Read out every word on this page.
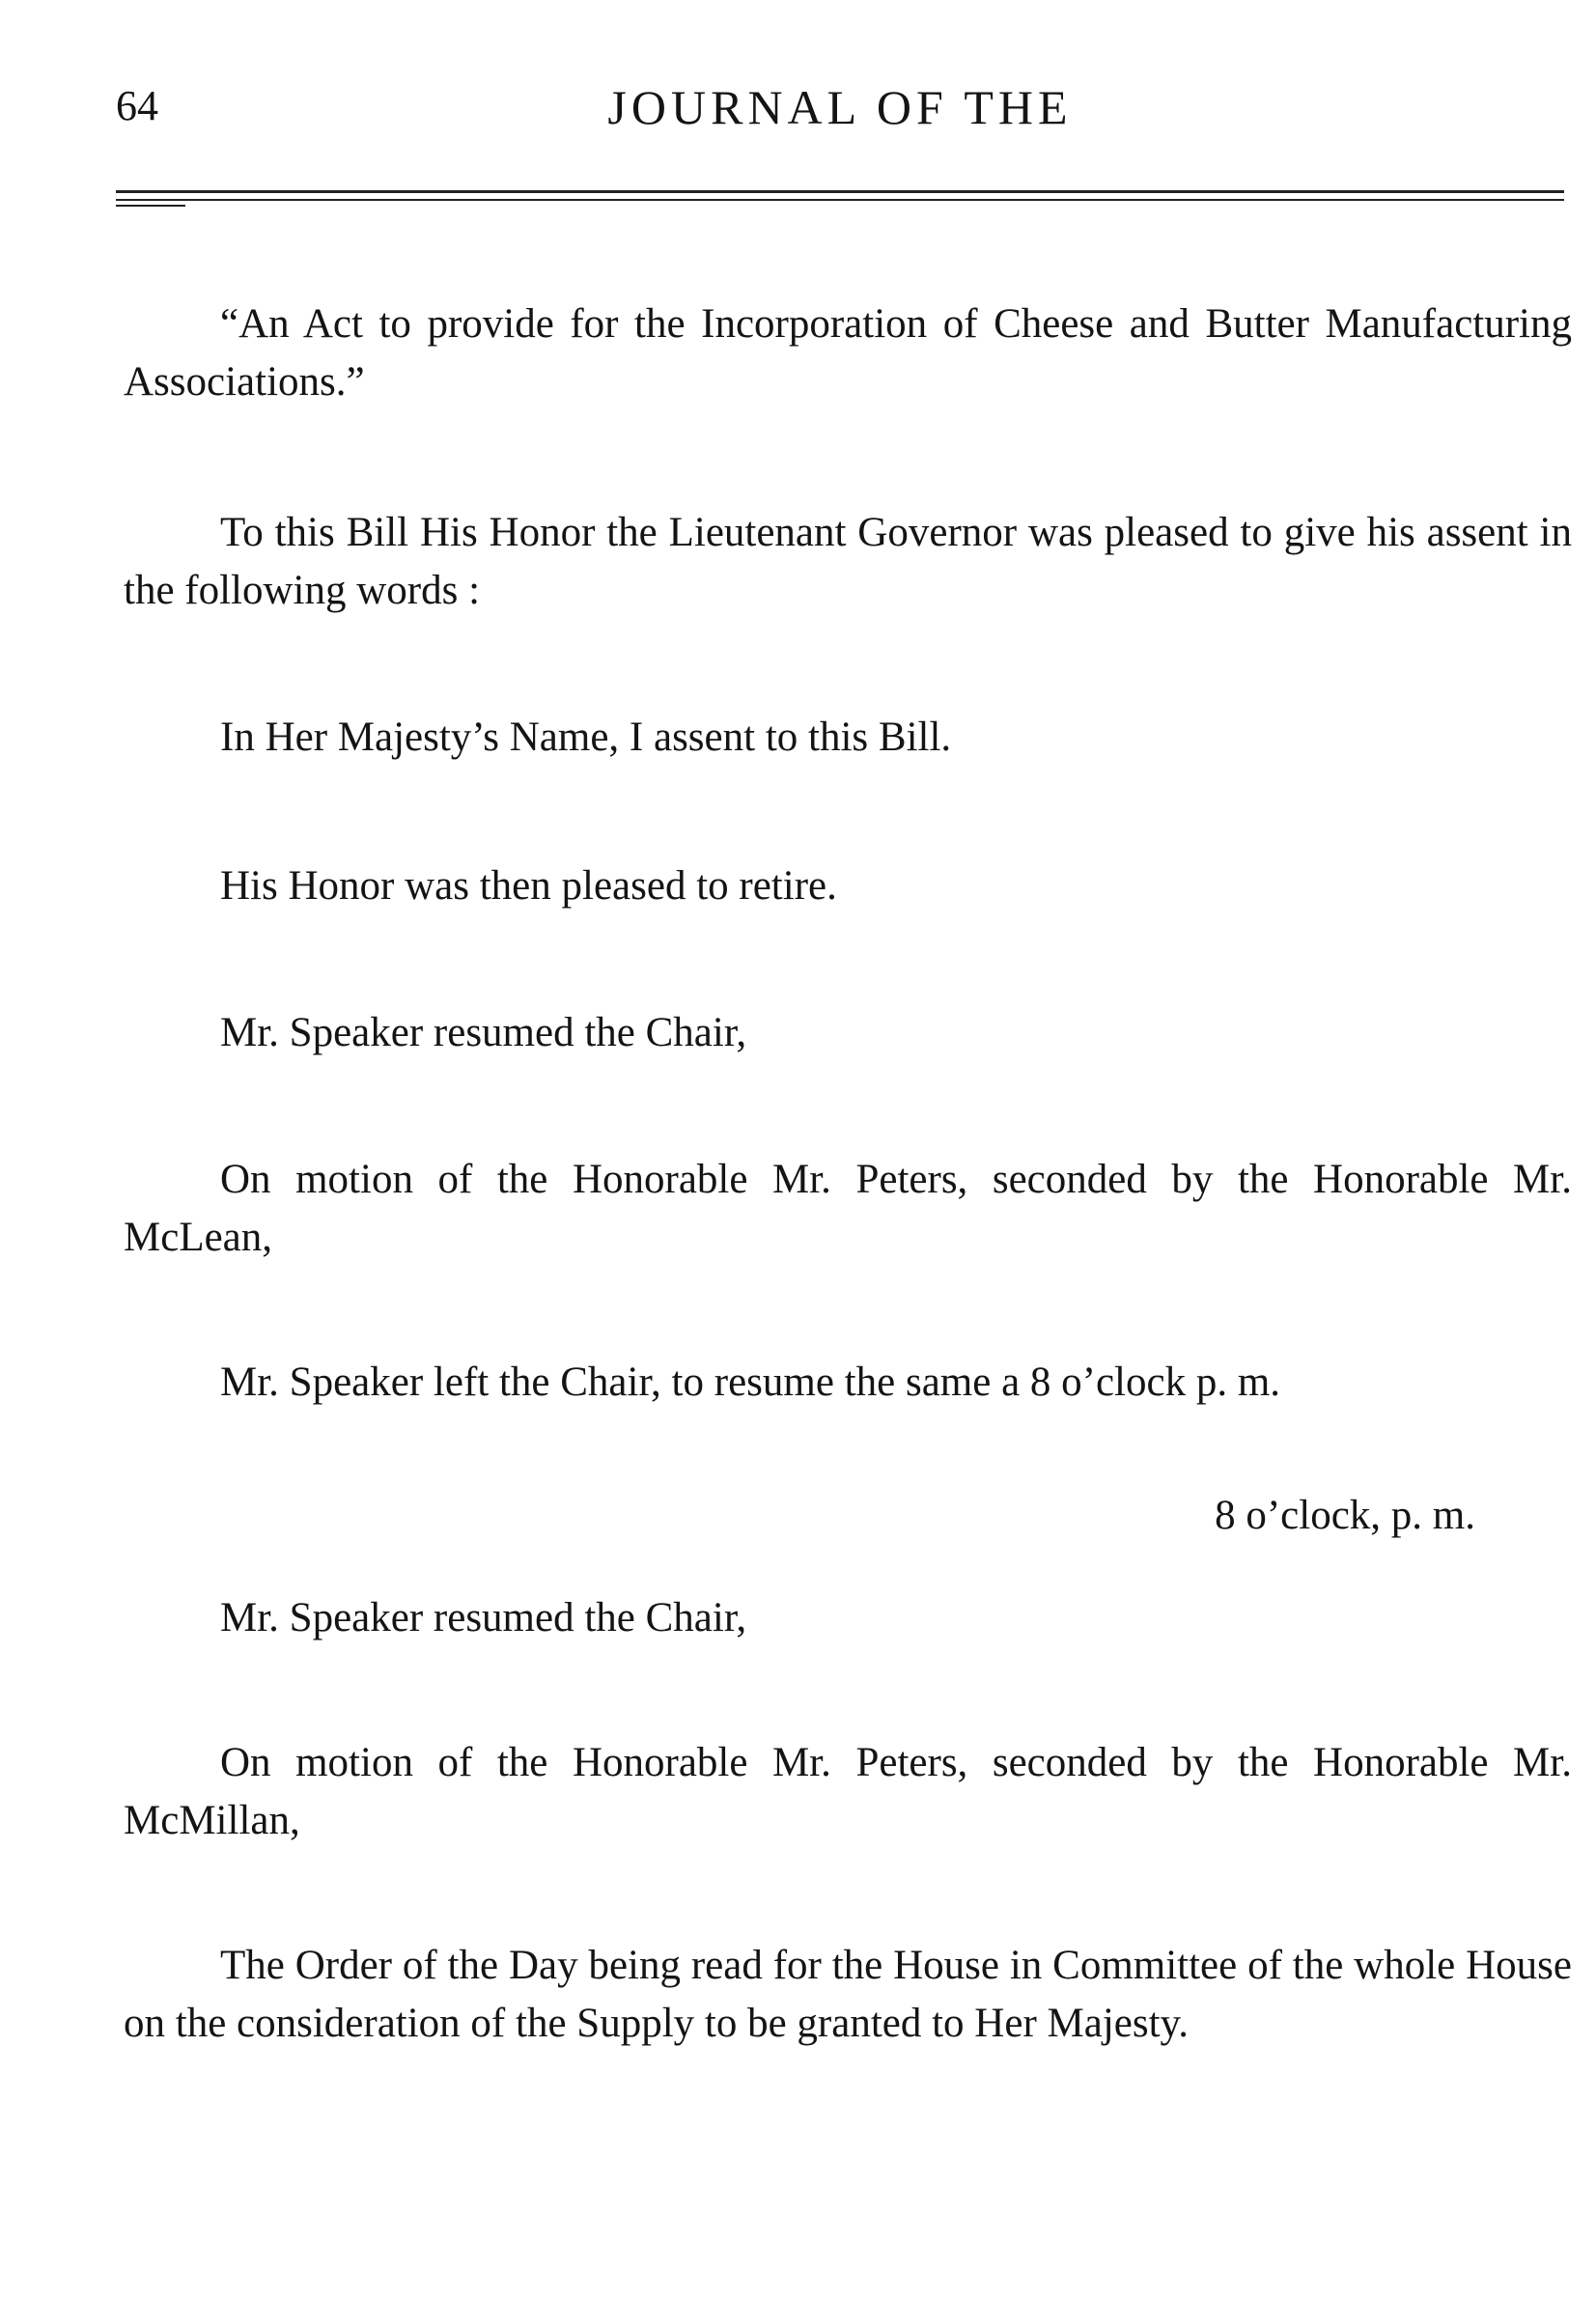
64	JOURNAL OF THE

“An Act to provide for the Incorporation of Cheese and Butter Manufacturing Associations.”

To this Bill His Honor the Lieutenant Governor was pleased to give his assent in the following words :

In Her Majesty’s Name, I assent to this Bill.

His Honor was then pleased to retire.

Mr. Speaker resumed the Chair,

On motion of the Honorable Mr. Peters, seconded by the Honorable Mr. McLean,

Mr. Speaker left the Chair, to resume the same a 8 o’clock p. m.

8 o’clock, p. m.

Mr. Speaker resumed the Chair,

On motion of the Honorable Mr. Peters, seconded by the Honorable Mr. McMillan,

The Order of the Day being read for the House in Committee of the whole House on the consideration of the Supply to be granted to Her Majesty.
